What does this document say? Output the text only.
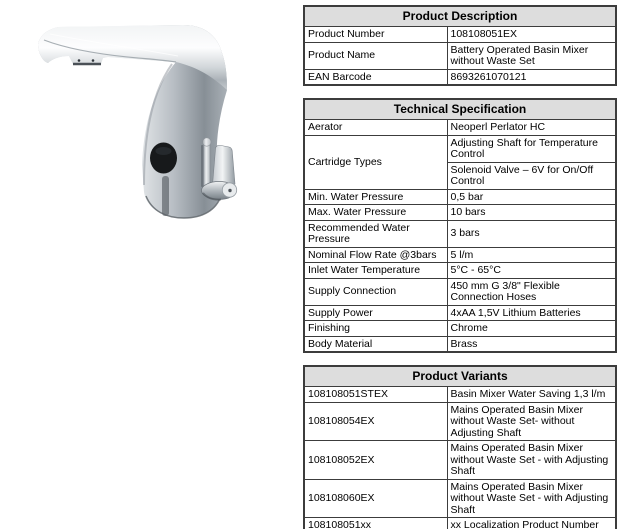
Product Description	
Product Number	108108051EX
Product Name	Battery Operated Basin Mixer without Waste Set
EAN Barcode	8693261070121
Technical Specification	
Aerator	Neoperl Perlator HC
Cartridge Types	Adjusting Shaft for Temperature Control
	Solenoid Valve – 6V for On/Off Control
Min. Water Pressure	0,5 bar
Max. Water Pressure	10 bars
Recommended Water Pressure	3 bars
Nominal Flow Rate @3bars	5 l/m
Inlet Water Temperature	5°C - 65°C
Supply Connection	450 mm G 3/8" Flexible Connection Hoses
Supply Power	4xAA 1,5V Lithium Batteries
Finishing	Chrome
Body Material	Brass
Product Variants	
108108051STEX	Basin Mixer Water Saving 1,3 l/m
108108054EX	Mains Operated Basin Mixer without Waste Set- without Adjusting Shaft
108108052EX	Mains Operated Basin Mixer without Waste Set - with Adjusting Shaft
108108060EX	Mains Operated Basin Mixer without Waste Set - with Adjusting Shaft
108108051xx	xx Localization Product Number
